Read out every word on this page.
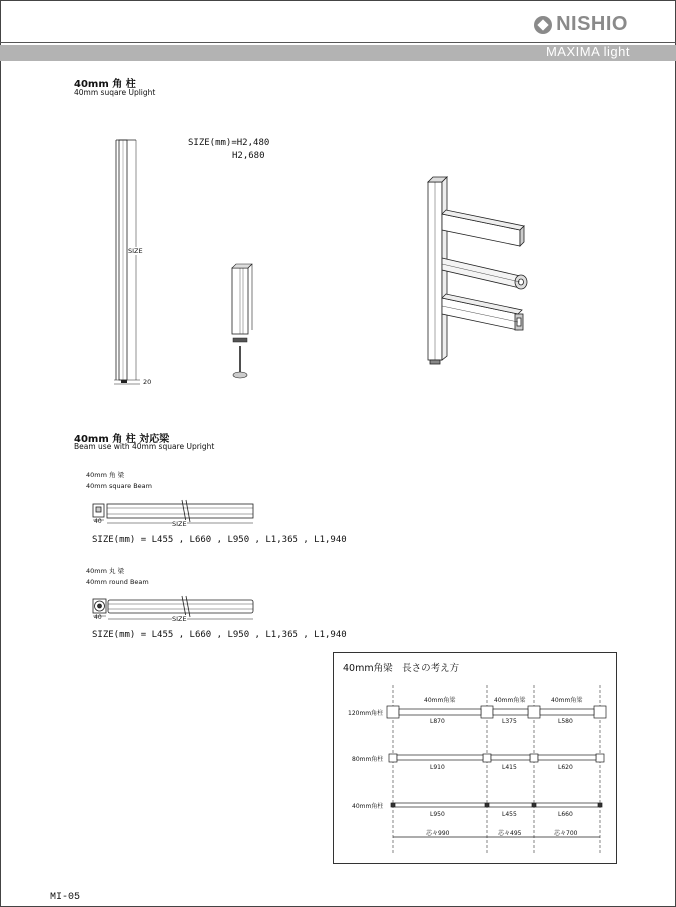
NISHIO
MAXIMA light
40mm 角 柱
40mm suqare Uplight
SIZE(mm)=H2,480
H2,680
SIZE
20
40mm 角 柱 対応梁
Beam use with 40mm square Upright
40mm 角 梁
40mm square Beam
40	SIZE
SIZE(mm) = L455 , L660 , L950 , L1,365 , L1,940
40mm 丸 梁
40mm round Beam
40	SIZE
SIZE(mm) = L455 , L660 , L950 , L1,365 , L1,940
40mm角梁　長さの考え方
40mm角梁	40mm角梁	40mm角梁
120mm角柱
L870	L375	L580
80mm角柱
L910	L415	L620
40mm角柱
L950	L455	L660
芯々990	芯々495	芯々700
MI-05
